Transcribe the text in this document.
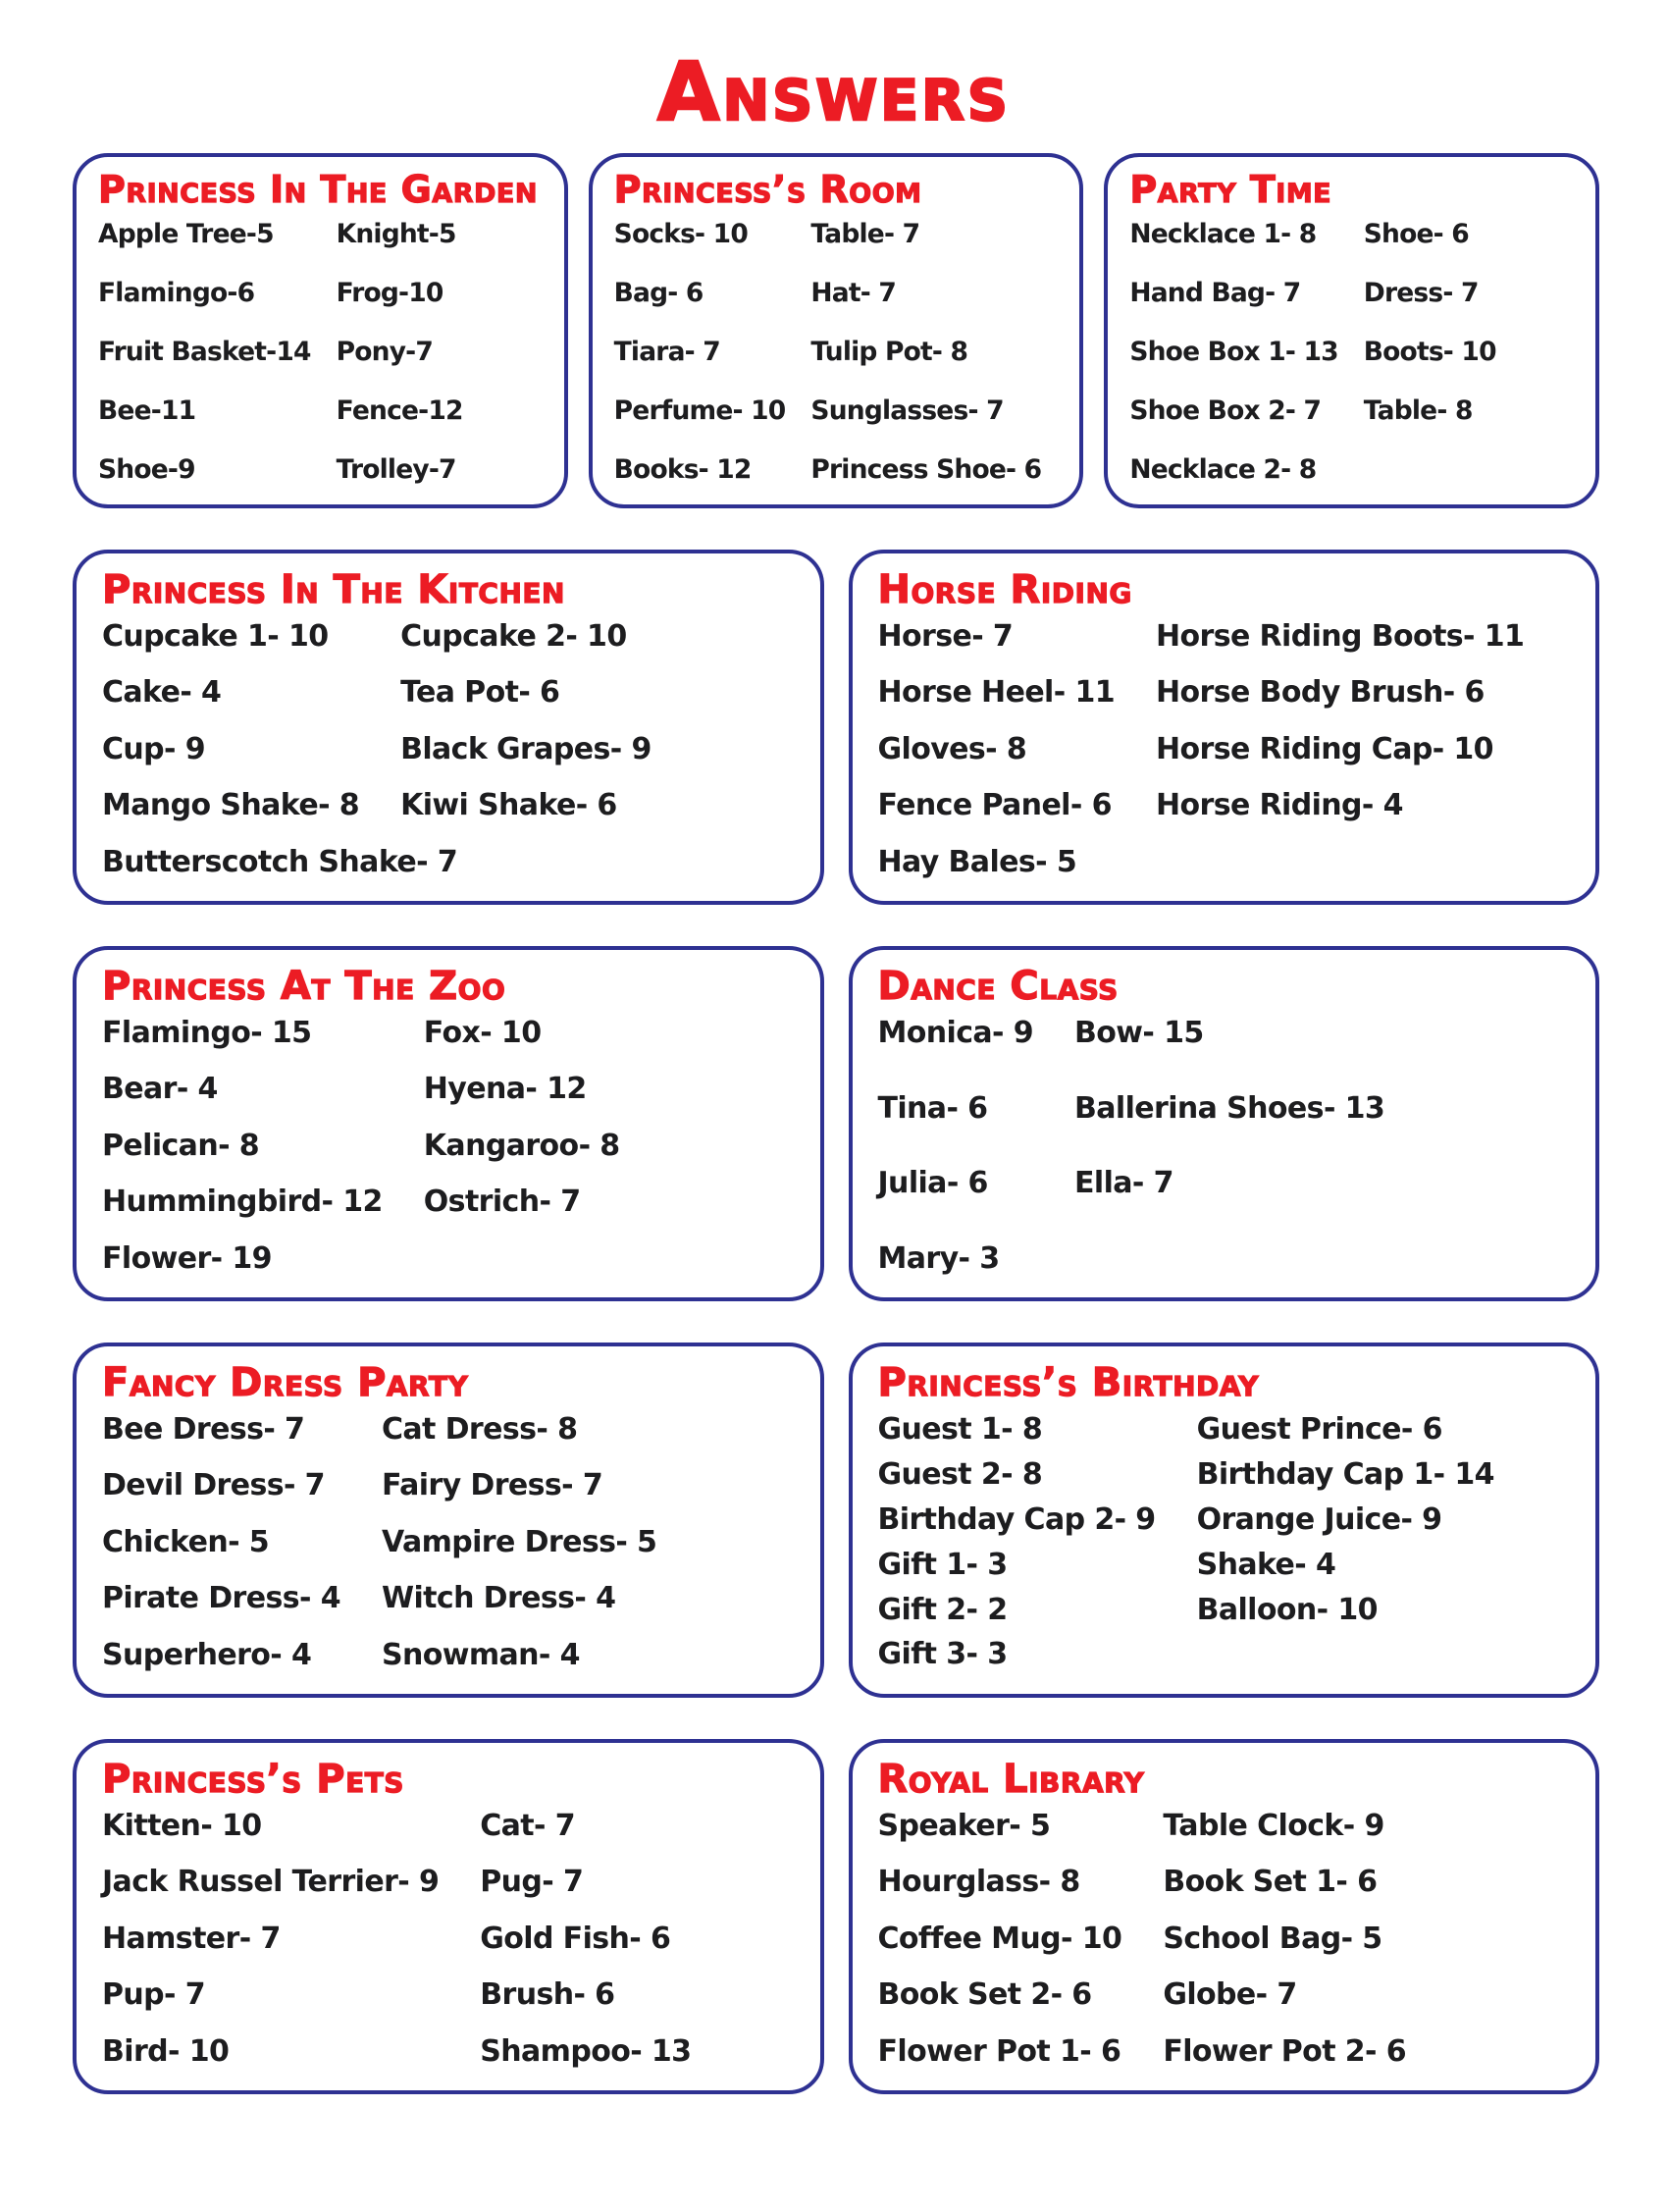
Answers
Princess In The Garden
Apple Tree-5	Knight-5
Flamingo-6	Frog-10
Fruit Basket-14 Pony-7
Bee-11	Fence-12
Shoe-9	Trolley-7
Princess’s Room
Socks- 10	Table- 7
Bag- 6	Hat- 7
Tiara- 7	Tulip Pot- 8
Perfume- 10 Sunglasses- 7
Books- 12	Princess Shoe- 6
Party Time
Necklace 1- 8	Shoe- 6
Hand Bag- 7	Dress- 7
Shoe Box 1- 13 Boots- 10
Shoe Box 2- 7	Table- 8
Necklace 2- 8
Princess In The Kitchen
Cupcake 1- 10	Cupcake 2- 10
Cake- 4	Tea Pot- 6
Cup- 9	Black Grapes- 9
Mango Shake- 8 Kiwi Shake- 6
Butterscotch Shake- 7
Horse Riding
Horse- 7	Horse Riding Boots- 11
Horse Heel- 11 Horse Body Brush- 6
Gloves- 8	Horse Riding Cap- 10
Fence Panel- 6 Horse Riding- 4
Hay Bales- 5
Princess At The Zoo
Flamingo- 15	Fox- 10
Bear- 4	Hyena- 12
Pelican- 8	Kangaroo- 8
Hummingbird- 12 Ostrich- 7
Flower- 19
Dance Class
Monica- 9 Bow- 15
Tina- 6	Ballerina Shoes- 13
Julia- 6	Ella- 7
Mary- 3
Fancy Dress Party
Bee Dress- 7	Cat Dress- 8
Devil Dress- 7	Fairy Dress- 7
Chicken- 5	Vampire Dress- 5
Pirate Dress- 4 Witch Dress- 4
Superhero- 4	Snowman- 4
Princess’s Birthday
Guest 1- 8	Guest Prince- 6
Guest 2- 8	Birthday Cap 1- 14
Birthday Cap 2- 9 Orange Juice- 9
Gift 1- 3	Shake- 4
Gift 2- 2	Balloon- 10
Gift 3- 3
Princess’s Pets
Kitten- 10	Cat- 7
Jack Russel Terrier- 9 Pug- 7
Hamster- 7	Gold Fish- 6
Pup- 7	Brush- 6
Bird- 10	Shampoo- 13
Royal Library
Speaker- 5	Table Clock- 9
Hourglass- 8	Book Set 1- 6
Coffee Mug- 10 School Bag- 5
Book Set 2- 6	Globe- 7
Flower Pot 1- 6 Flower Pot 2- 6
